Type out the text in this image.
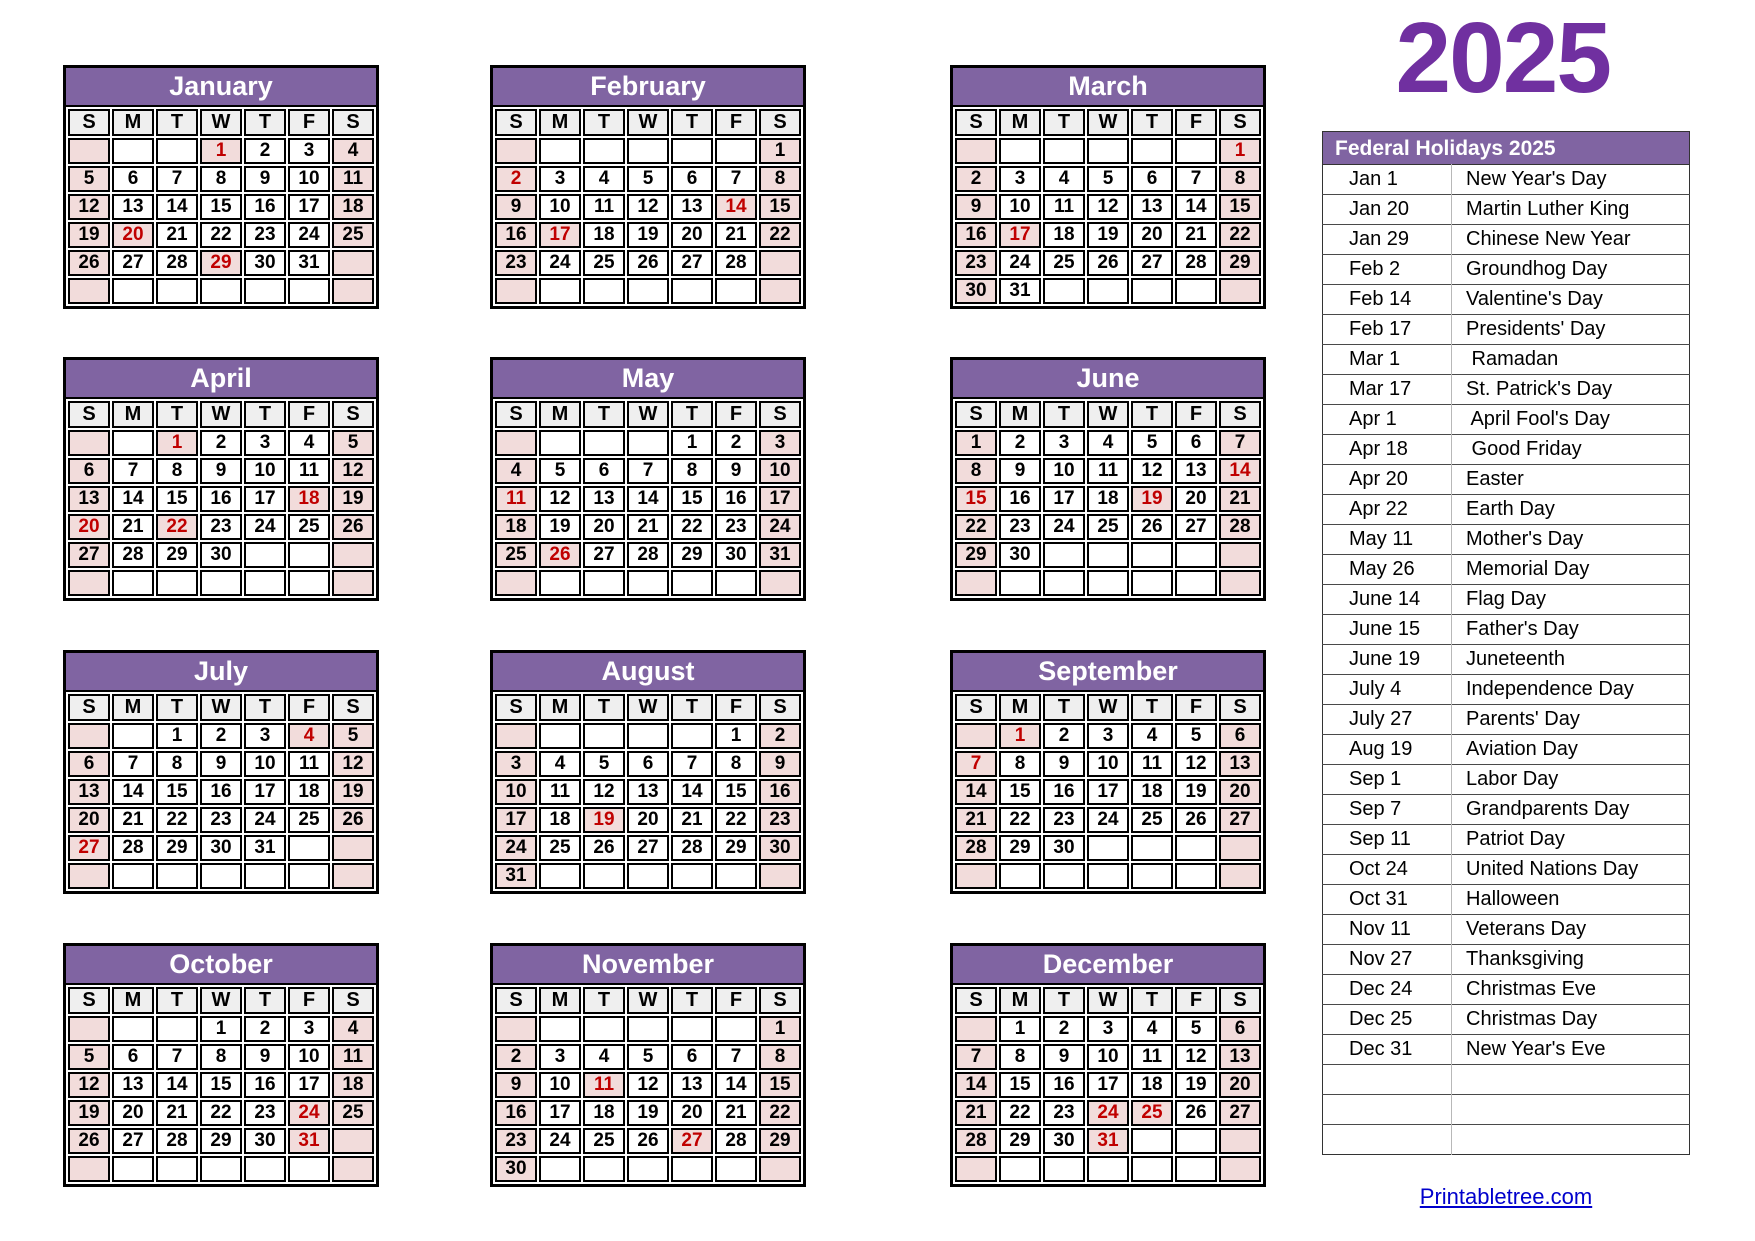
2025
January
S	M	T	W	T	F	S
			1	2	3	4
5	6	7	8	9	10	11
12	13	14	15	16	17	18
19	20	21	22	23	24	25
26	27	28	29	30	31	

February
S	M	T	W	T	F	S
						1
2	3	4	5	6	7	8
9	10	11	12	13	14	15
16	17	18	19	20	21	22
23	24	25	26	27	28	

March
S	M	T	W	T	F	S
						1
2	3	4	5	6	7	8
9	10	11	12	13	14	15
16	17	18	19	20	21	22
23	24	25	26	27	28	29
30	31					
April
S	M	T	W	T	F	S
		1	2	3	4	5
6	7	8	9	10	11	12
13	14	15	16	17	18	19
20	21	22	23	24	25	26
27	28	29	30			

May
S	M	T	W	T	F	S
				1	2	3
4	5	6	7	8	9	10
11	12	13	14	15	16	17
18	19	20	21	22	23	24
25	26	27	28	29	30	31

June
S	M	T	W	T	F	S
1	2	3	4	5	6	7
8	9	10	11	12	13	14
15	16	17	18	19	20	21
22	23	24	25	26	27	28
29	30					

July
S	M	T	W	T	F	S
		1	2	3	4	5
6	7	8	9	10	11	12
13	14	15	16	17	18	19
20	21	22	23	24	25	26
27	28	29	30	31		

August
S	M	T	W	T	F	S
					1	2
3	4	5	6	7	8	9
10	11	12	13	14	15	16
17	18	19	20	21	22	23
24	25	26	27	28	29	30
31						
September
S	M	T	W	T	F	S
	1	2	3	4	5	6
7	8	9	10	11	12	13
14	15	16	17	18	19	20
21	22	23	24	25	26	27
28	29	30				

October
S	M	T	W	T	F	S
			1	2	3	4
5	6	7	8	9	10	11
12	13	14	15	16	17	18
19	20	21	22	23	24	25
26	27	28	29	30	31	

November
S	M	T	W	T	F	S
						1
2	3	4	5	6	7	8
9	10	11	12	13	14	15
16	17	18	19	20	21	22
23	24	25	26	27	28	29
30						
December
S	M	T	W	T	F	S
	1	2	3	4	5	6
7	8	9	10	11	12	13
14	15	16	17	18	19	20
21	22	23	24	25	26	27
28	29	30	31			

Federal Holidays 2025
Jan 1	New Year's Day
Jan 20	Martin Luther King
Jan 29	Chinese New Year
Feb 2	Groundhog Day
Feb 14	Valentine's Day
Feb 17	Presidents' Day
Mar 1	Ramadan
Mar 17	St. Patrick's Day
Apr 1	April Fool's Day
Apr 18	Good Friday
Apr 20	Easter
Apr 22	Earth Day
May 11	Mother's Day
May 26	Memorial Day
June 14	Flag Day
June 15	Father's Day
June 19	Juneteenth
July 4	Independence Day
July 27	Parents' Day
Aug 19	Aviation Day
Sep 1	Labor Day
Sep 7	Grandparents Day
Sep 11	Patriot Day
Oct 24	United Nations Day
Oct 31	Halloween
Nov 11	Veterans Day
Nov 27	Thanksgiving
Dec 24	Christmas Eve
Dec 25	Christmas Day
Dec 31	New Year's Eve

Printabletree.com
